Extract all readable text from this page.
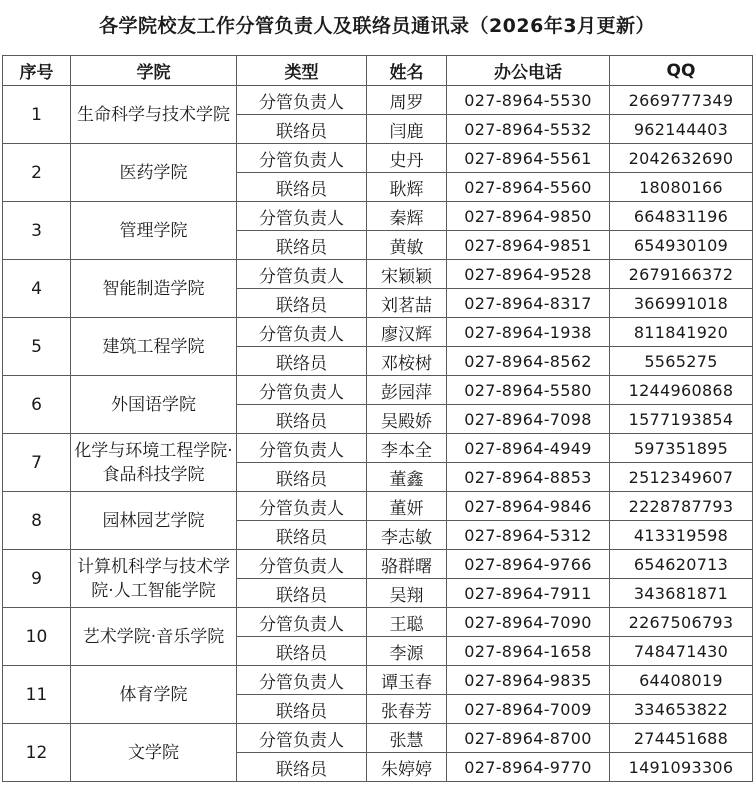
各学院校友工作分管负责人及联络员通讯录（2026年3月更新）
序号	学院	类型	姓名	办公电话	QQ
1	生命科学与技术学院	分管负责人	周罗	027-8964-5530	2669777349
		联络员	闫鹿	027-8964-5532	962144403
2	医药学院	分管负责人	史丹	027-8964-5561	2042632690
		联络员	耿辉	027-8964-5560	18080166
3	管理学院	分管负责人	秦辉	027-8964-9850	664831196
		联络员	黄敏	027-8964-9851	654930109
4	智能制造学院	分管负责人	宋颖颖	027-8964-9528	2679166372
		联络员	刘茗喆	027-8964-8317	366991018
5	建筑工程学院	分管负责人	廖汉辉	027-8964-1938	811841920
		联络员	邓桉树	027-8964-8562	5565275
6	外国语学院	分管负责人	彭园萍	027-8964-5580	1244960868
		联络员	吴殿娇	027-8964-7098	1577193854
7	化学与环境工程学院·食品科技学院	分管负责人	李本全	027-8964-4949	597351895
		联络员	董鑫	027-8964-8853	2512349607
8	园林园艺学院	分管负责人	董妍	027-8964-9846	2228787793
		联络员	李志敏	027-8964-5312	413319598
9	计算机科学与技术学院·人工智能学院	分管负责人	骆群曙	027-8964-9766	654620713
		联络员	吴翔	027-8964-7911	343681871
10	艺术学院·音乐学院	分管负责人	王聪	027-8964-7090	2267506793
		联络员	李源	027-8964-1658	748471430
11	体育学院	分管负责人	谭玉春	027-8964-9835	64408019
		联络员	张春芳	027-8964-7009	334653822
12	文学院	分管负责人	张慧	027-8964-8700	274451688
		联络员	朱婷婷	027-8964-9770	1491093306
